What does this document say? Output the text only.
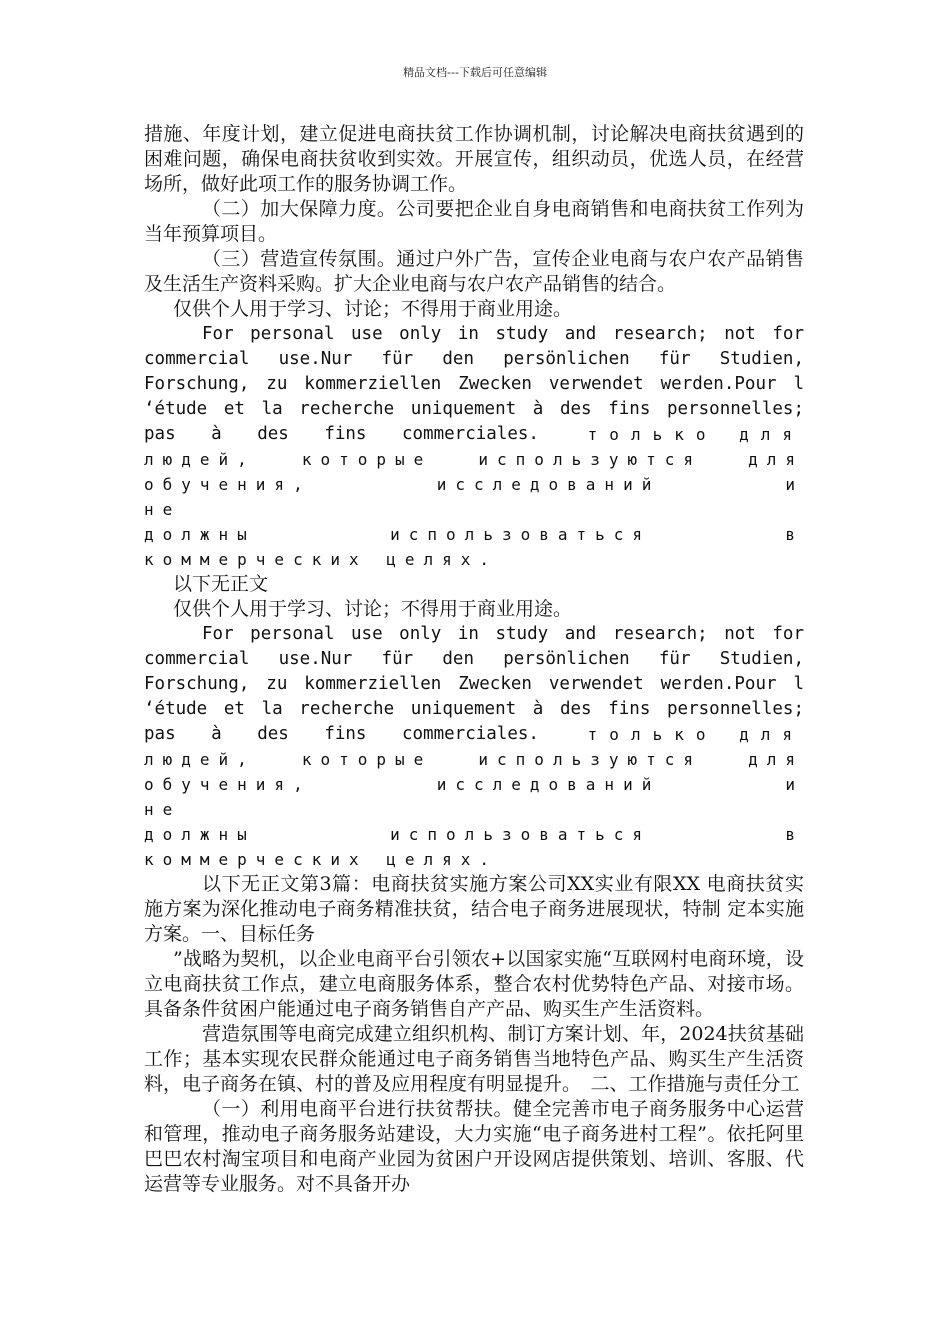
精品文档---下载后可任意编辑

措施、年度计划，建立促进电商扶贫工作协调机制，讨论解决电商扶贫遇到的困难问题，确保电商扶贫收到实效。开展宣传，组织动员，优选人员，在经营场所，做好此项工作的服务协调工作。

（二）加大保障力度。公司要把企业自身电商销售和电商扶贫工作列为当年预算项目。

（三）营造宣传氛围。通过户外广告，宣传企业电商与农户农产品销售及生活生产资料采购。扩大企业电商与农户农产品销售的结合。

仅供个人用于学习、讨论；不得用于商业用途。

For personal use only in study and research; not for
commercial use.Nur für den persönlichen für Studien,
Forschung, zu kommerziellen Zwecken verwendet werden.Pour l
‘étude et la recherche uniquement à des fins personnelles;
pas à des fins commerciales.	только для
людей, которые используются для
обучения, исследований и не
должны использоваться в
коммерческих целях.

以下无正文

仅供个人用于学习、讨论；不得用于商业用途。

For personal use only in study and research; not for
commercial use.Nur für den persönlichen für Studien,
Forschung, zu kommerziellen Zwecken verwendet werden.Pour l
‘étude et la recherche uniquement à des fins personnelles;
pas à des fins commerciales.	только для
людей, которые используются для
обучения, исследований и не
должны использоваться в
коммерческих целях.

以下无正文第3篇：电商扶贫实施方案公司XX实业有限XX 电商扶贫实施方案为深化推动电子商务精准扶贫，结合电子商务进展现状，特制 定本实施方案。一、目标任务

”战略为契机，以企业电商平台引领农+以国家实施“互联网村电商环境，设立电商扶贫工作点，建立电商服务体系，整合农村优势特色产品、对接市场。具备条件贫困户能通过电子商务销售自产产品、购买生产生活资料。

营造氛围等电商完成建立组织机构、制订方案计划、年，2024扶贫基础工作；基本实现农民群众能通过电子商务销售当地特色产品、购买生产生活资料，电子商务在镇、村的普及应用程度有明显提升。　二、工作措施与责任分工

（一）利用电商平台进行扶贫帮扶。健全完善市电子商务服务中心运营和管理，推动电子商务服务站建设，大力实施“电子商务进村工程”。依托阿里巴巴农村淘宝项目和电商产业园为贫困户开设网店提供策划、培训、客服、代运营等专业服务。对不具备开办
